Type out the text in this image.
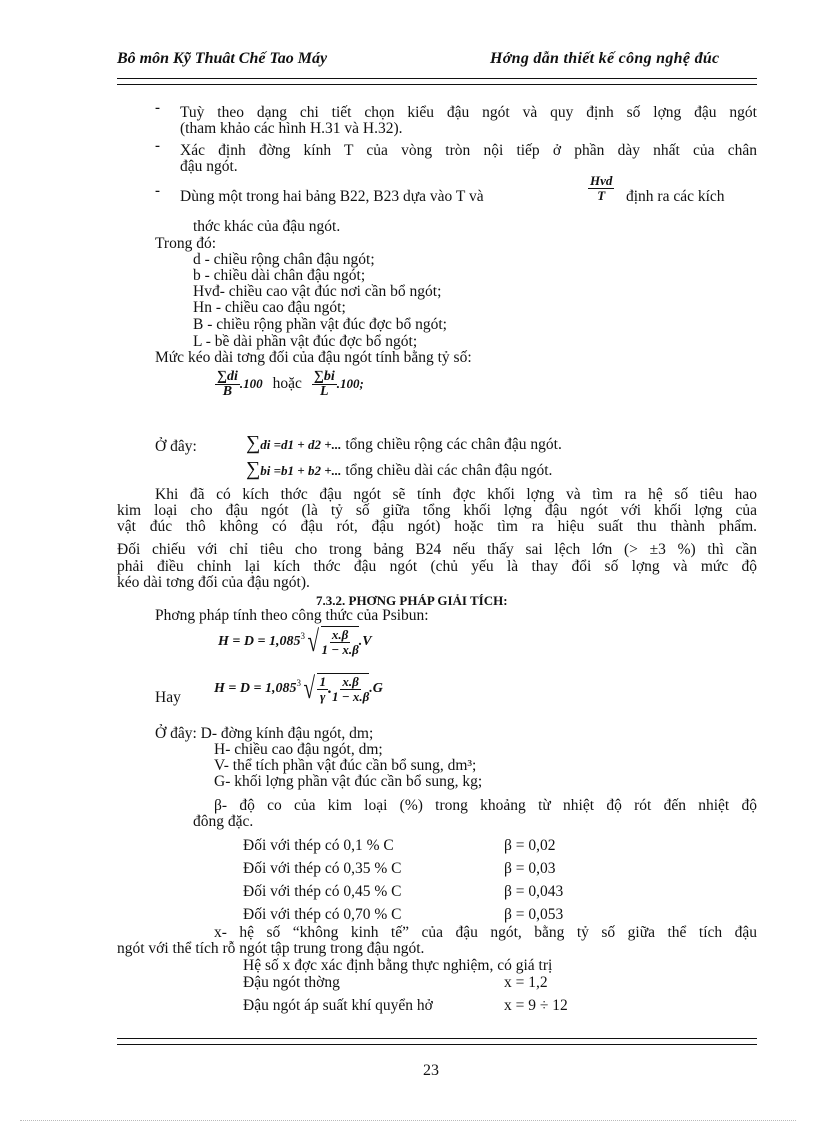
Bô môn Kỹ Thuât Chế Tao Máy	Hớng dẫn thiết kế công nghệ đúc
- Tuỳ theo dạng chi tiết chọn kiểu đậu ngót và quy định số lợng đậu ngót
(tham khảo các hình H.31 và H.32).
- Xác định đờng kính T của vòng tròn nội tiếp ở phần dày nhất của chân
đậu ngót.
- Dùng một trong hai bảng B22, B23 dựa vào T và	$\frac{\text{Hvd}}{T}$ định ra các kích
thớc khác của đậu ngót.
Trong đó:
d - chiều rộng chân đậu ngót;
b - chiều dài chân đậu ngót;
Hvđ- chiều cao vật đúc nơi cần bổ ngót;
Hn - chiều cao đậu ngót;
B - chiều rộng phần vật đúc đợc bổ ngót;
L - bề dài phần vật đúc đợc bổ ngót;
Mức kéo dài tơng đối của đậu ngót tính bằng tỷ số:
$\frac{\sum di}{B} .100$ hoặc $\frac{\sum bi}{L} .100$;
Ở đây: ∑di =d1 + d2 +... tổng chiều rộng các chân đậu ngót.
∑bi =b1 + b2 +... tổng chiều dài các chân đậu ngót.
Khi đã có kích thớc đậu ngót sẽ tính đợc khối lợng và tìm ra hệ số tiêu hao
kim loại cho đậu ngót (là tỷ số giữa tổng khối lợng đậu ngót với khối lợng của
vật đúc thô không có đậu rót, đậu ngót) hoặc tìm ra hiệu suất thu thành phẩm.
Đối chiếu với chỉ tiêu cho trong bảng B24 nếu thấy sai lệch lớn (> ±3 %) thì cần
phải điều chỉnh lại kích thớc đậu ngót (chủ yếu là thay đổi số lợng và mức độ
kéo dài tơng đối của đậu ngót).
7.3.2. PHƠNG PHÁP GIẢI TÍCH:
Phơng pháp tính theo công thức của Psibun:
H = D = 1,085 3 √ $\frac{x.\beta}{1 - x.\beta} .V$
Hay
H = D = 1,085 3 √ $\frac{1}{\gamma}$ . $\frac{x.\beta}{1 - x.\beta} .G$
Ở đây: D- đờng kính đậu ngót, dm;
H- chiều cao đậu ngót, dm;
V- thể tích phần vật đúc cần bổ sung, dm³;
G- khối lợng phần vật đúc cần bổ sung, kg;
β- độ co của kim loại (%) trong khoảng từ nhiệt độ rót đến nhiệt độ
đông đặc.
Đối với thép có 0,1 % C	β = 0,02
Đối với thép có 0,35 % C	β = 0,03
Đối với thép có 0,45 % C	β = 0,043
Đối với thép có 0,70 % C	β = 0,053
x- hệ số “không kinh tế” của đậu ngót, bằng tỷ số giữa thể tích đậu
ngót với thể tích rỗ ngót tập trung trong đậu ngót.
Hệ số x đợc xác định bằng thực nghiệm, có giá trị
Đậu ngót thờng	x = 1,2
Đậu ngót áp suất khí quyển hở	x = 9 ÷ 12
23
